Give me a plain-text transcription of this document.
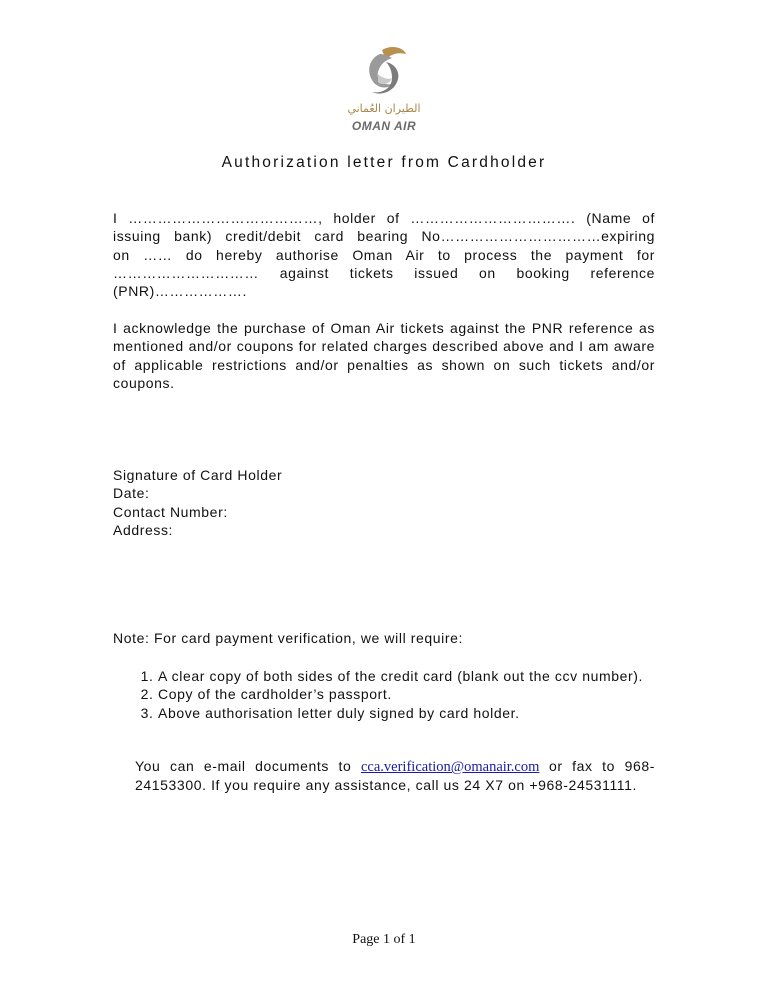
الطيران العُماني
OMAN AIR
Authorization letter from Cardholder
I …………………………………, holder of ……………………………. (Name of
issuing bank) credit/debit card bearing No……………………………expiring
on …… do hereby authorise Oman Air to process the payment for
………………………… against tickets issued on booking reference
(PNR)……………….
I acknowledge the purchase of Oman Air tickets against the PNR reference as mentioned and/or coupons for related charges described above and I am aware of applicable restrictions and/or penalties as shown on such tickets and/or coupons.
Signature of Card Holder
Date:
Contact Number:
Address:
Note: For card payment verification, we will require:
1. A clear copy of both sides of the credit card (blank out the ccv number).
2. Copy of the cardholder’s passport.
3. Above authorisation letter duly signed by card holder.
You can e-mail documents to cca.verification@omanair.com or fax to 968-24153300. If you require any assistance, call us 24 X7 on +968-24531111.
Page 1 of 1
